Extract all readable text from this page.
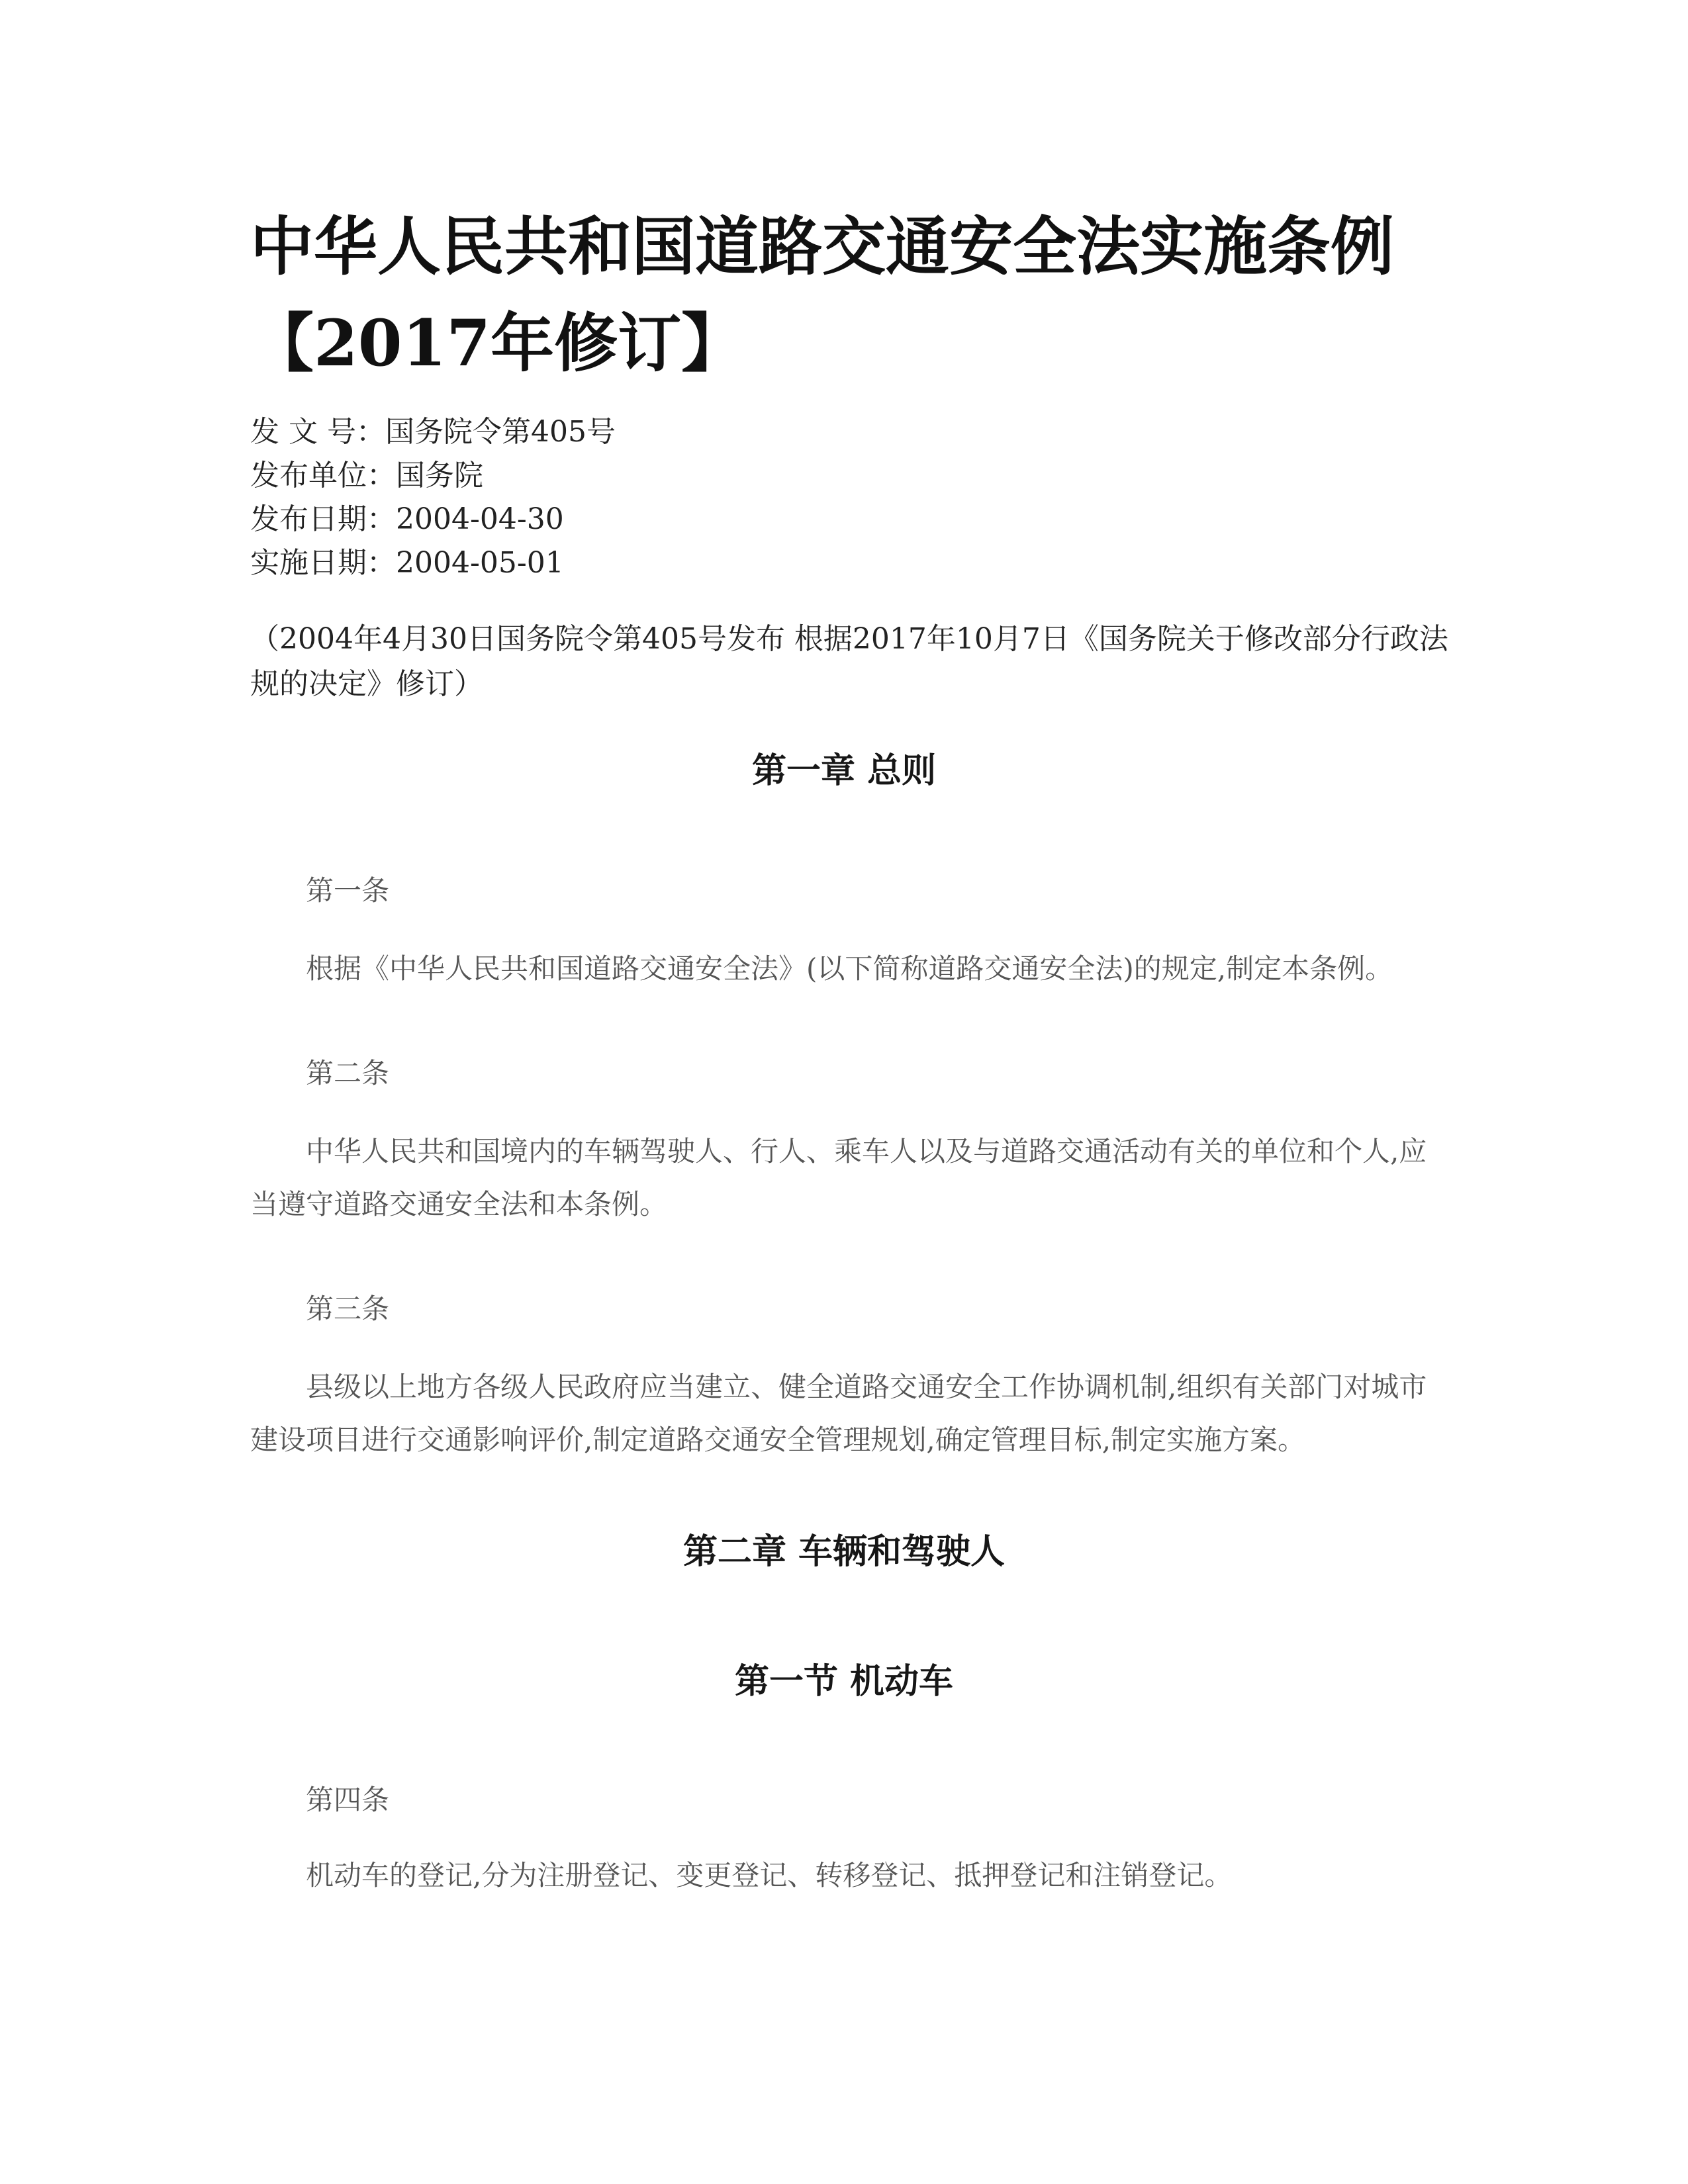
中华人民共和国道路交通安全法实施条例【2017年修订】
发 文 号：国务院令第405号
发布单位：国务院
发布日期：2004-04-30
实施日期：2004-05-01
（2004年4月30日国务院令第405号发布 根据2017年10月7日《国务院关于修改部分行政法规的决定》修订）
第一章 总则
第一条

根据《中华人民共和国道路交通安全法》(以下简称道路交通安全法)的规定,制定本条例。

第二条

中华人民共和国境内的车辆驾驶人、行人、乘车人以及与道路交通活动有关的单位和个人,应当遵守道路交通安全法和本条例。

第三条

县级以上地方各级人民政府应当建立、健全道路交通安全工作协调机制,组织有关部门对城市建设项目进行交通影响评价,制定道路交通安全管理规划,确定管理目标,制定实施方案。

第二章 车辆和驾驶人
第一节 机动车
第四条

机动车的登记,分为注册登记、变更登记、转移登记、抵押登记和注销登记。
